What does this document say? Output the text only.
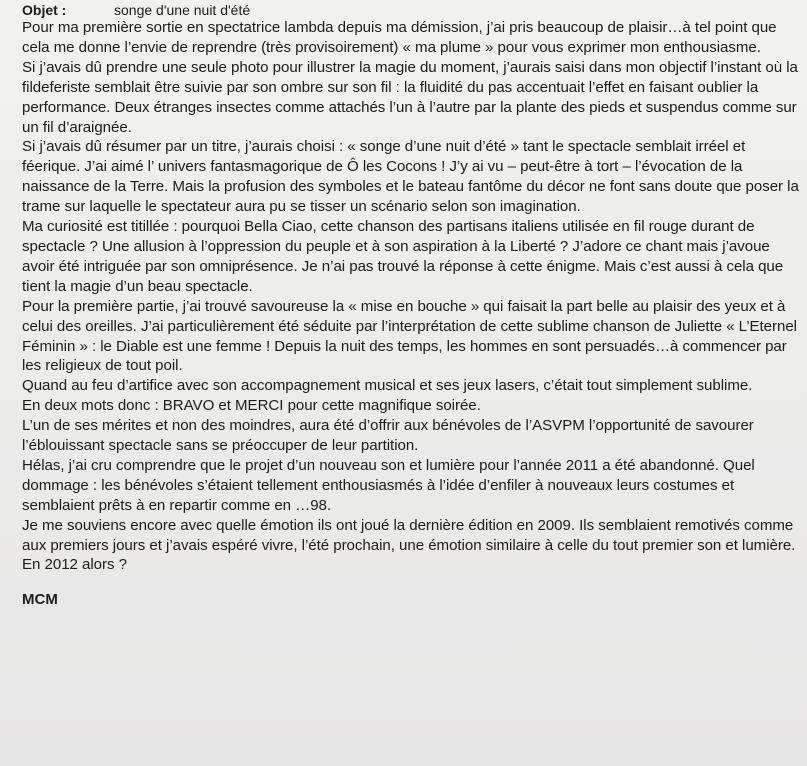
Objet :	songe d'une nuit d'été

Pour ma première sortie en spectatrice lambda depuis ma démission, j’ai pris beaucoup de plaisir…à tel point que cela me donne l’envie de reprendre (très provisoirement) « ma plume » pour vous exprimer mon enthousiasme.

Si j’avais dû prendre une seule photo pour illustrer la magie du moment, j’aurais saisi dans mon objectif l’instant où la fildeferiste semblait être suivie par son ombre sur son fil : la fluidité du pas accentuait l’effet en faisant oublier la performance. Deux étranges insectes comme attachés l’un à l’autre par la plante des pieds et suspendus comme sur un fil d’araignée.

Si j’avais dû résumer par un titre, j’aurais choisi : « songe d’une nuit d’été » tant le spectacle semblait irréel et féerique. J’ai aimé l’ univers fantasmagorique de Ô les Cocons ! J’y ai vu – peut-être à tort – l’évocation de la naissance de la Terre. Mais la profusion des symboles et le bateau fantôme du décor ne font sans doute que poser la trame sur laquelle le spectateur aura pu se tisser un scénario selon son imagination.

Ma curiosité est titillée : pourquoi Bella Ciao, cette chanson des partisans italiens utilisée en fil rouge durant de spectacle ? Une allusion à l’oppression du peuple et à son aspiration à la Liberté ? J’adore ce chant mais j’avoue avoir été intriguée par son omniprésence. Je n’ai pas trouvé la réponse à cette énigme. Mais c’est aussi à cela que tient la magie d’un beau spectacle.

Pour la première partie, j’ai trouvé savoureuse la « mise en bouche » qui faisait la part belle au plaisir des yeux et à celui des oreilles. J’ai particulièrement été séduite par l’interprétation de cette sublime chanson de Juliette « L’Eternel Féminin » : le Diable est une femme ! Depuis la nuit des temps, les hommes en sont persuadés…à commencer par les religieux de tout poil.

Quand au feu d’artifice avec son accompagnement musical et ses jeux lasers, c’était tout simplement sublime.

En deux mots donc : BRAVO et MERCI pour cette magnifique soirée.

L’un de ses mérites et non des moindres, aura été d’offrir aux bénévoles de l’ASVPM l’opportunité de savourer l’éblouissant spectacle sans se préoccuper de leur partition.

Hélas, j’ai cru comprendre que le projet d’un nouveau son et lumière pour l’année 2011 a été abandonné. Quel dommage : les bénévoles s’étaient tellement enthousiasmés à l’idée d’enfiler à nouveaux leurs costumes et semblaient prêts à en repartir comme en …98.

Je me souviens encore avec quelle émotion ils ont joué la dernière édition en 2009. Ils semblaient remotivés comme aux premiers jours et j’avais espéré vivre, l’été prochain, une émotion similaire à celle du tout premier son et lumière. En 2012 alors ?

MCM
